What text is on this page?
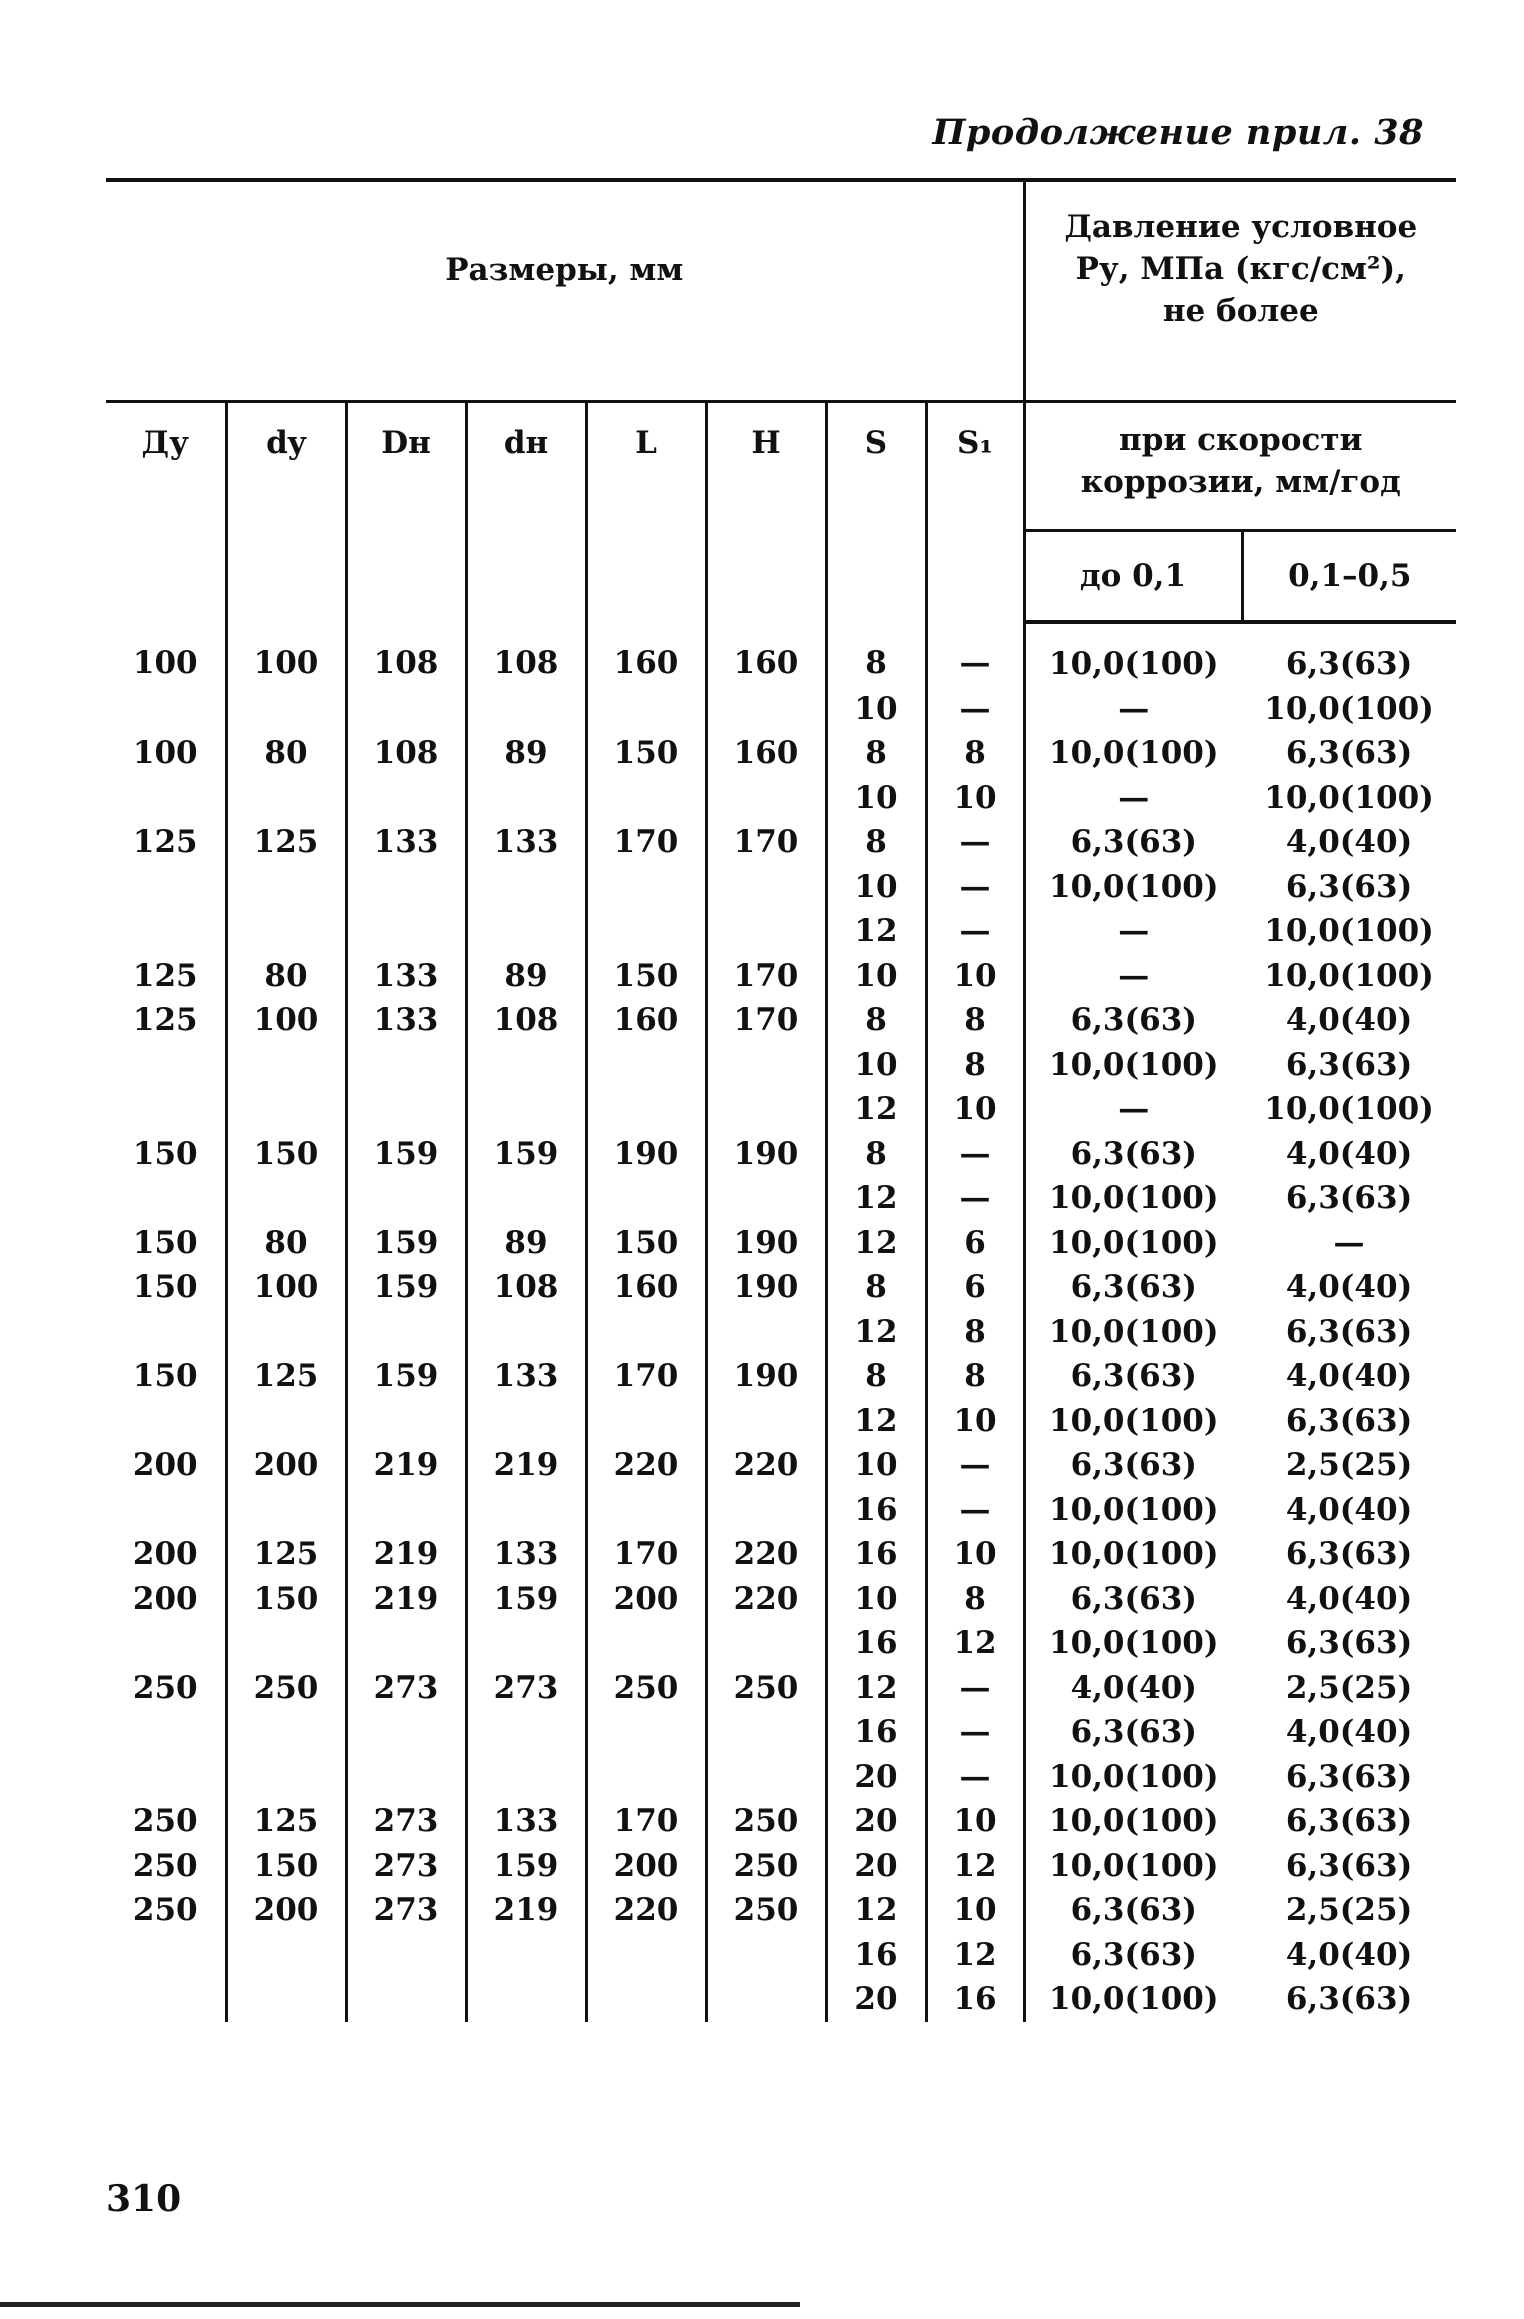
Продолжение прил. 38
Размеры, мм								Давление условное
Ру, МПа (кгс/см²),
не более	

Ду	dy	Dн	dн	L	H	S	S₁	при скорости
коррозии, мм/год	

								до 0,1	0,1–0,5
100	100	108	108	160	160	8	—	10,0(100)	6,3(63)
						10	—	—	10,0(100)
100	80	108	89	150	160	8	8	10,0(100)	6,3(63)
						10	10	—	10,0(100)
125	125	133	133	170	170	8	—	6,3(63)	4,0(40)
						10	—	10,0(100)	6,3(63)
						12	—	—	10,0(100)
125	80	133	89	150	170	10	10	—	10,0(100)
125	100	133	108	160	170	8	8	6,3(63)	4,0(40)
						10	8	10,0(100)	6,3(63)
						12	10	—	10,0(100)
150	150	159	159	190	190	8	—	6,3(63)	4,0(40)
						12	—	10,0(100)	6,3(63)
150	80	159	89	150	190	12	6	10,0(100)	—
150	100	159	108	160	190	8	6	6,3(63)	4,0(40)
						12	8	10,0(100)	6,3(63)
150	125	159	133	170	190	8	8	6,3(63)	4,0(40)
						12	10	10,0(100)	6,3(63)
200	200	219	219	220	220	10	—	6,3(63)	2,5(25)
						16	—	10,0(100)	4,0(40)
200	125	219	133	170	220	16	10	10,0(100)	6,3(63)
200	150	219	159	200	220	10	8	6,3(63)	4,0(40)
						16	12	10,0(100)	6,3(63)
250	250	273	273	250	250	12	—	4,0(40)	2,5(25)
						16	—	6,3(63)	4,0(40)
						20	—	10,0(100)	6,3(63)
250	125	273	133	170	250	20	10	10,0(100)	6,3(63)
250	150	273	159	200	250	20	12	10,0(100)	6,3(63)
250	200	273	219	220	250	12	10	6,3(63)	2,5(25)
						16	12	6,3(63)	4,0(40)
						20	16	10,0(100)	6,3(63)
310
